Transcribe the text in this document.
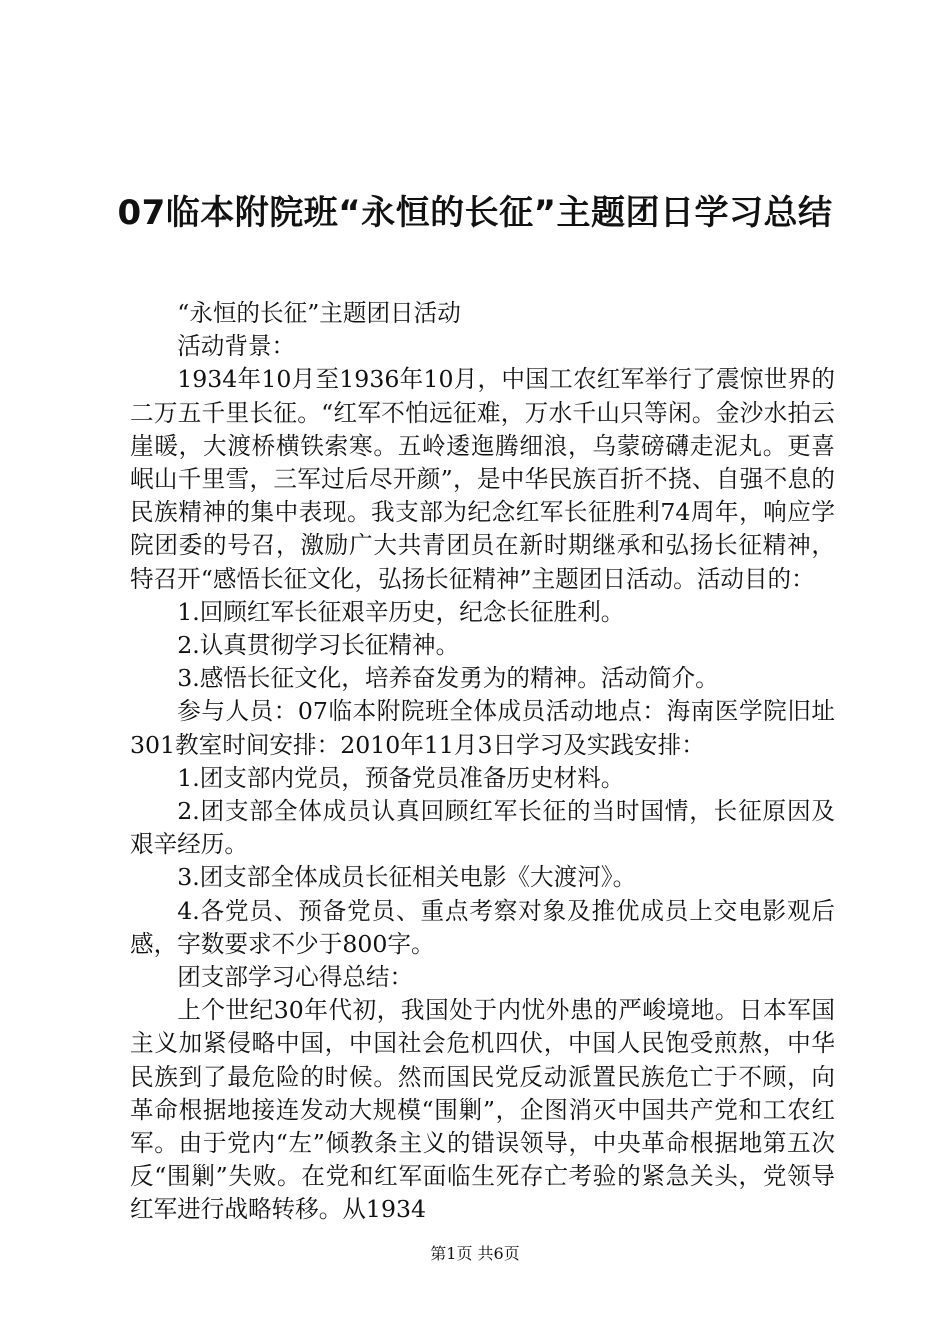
07临本附院班“永恒的长征”主题团日学习总结

“永恒的长征”主题团日活动

活动背景：

1934年10月至1936年10月，中国工农红军举行了震惊世界的二万五千里长征。“红军不怕远征难，万水千山只等闲。金沙水拍云崖暖，大渡桥横铁索寒。五岭逶迤腾细浪，乌蒙磅礴走泥丸。更喜岷山千里雪，三军过后尽开颜”，是中华民族百折不挠、自强不息的民族精神的集中表现。我支部为纪念红军长征胜利74周年，响应学院团委的号召，激励广大共青团员在新时期继承和弘扬长征精神，特召开“感悟长征文化，弘扬长征精神”主题团日活动。活动目的：

1.回顾红军长征艰辛历史，纪念长征胜利。

2.认真贯彻学习长征精神。

3.感悟长征文化，培养奋发勇为的精神。活动简介。

参与人员：07临本附院班全体成员活动地点：海南医学院旧址301教室时间安排：2010年11月3日学习及实践安排：

1.团支部内党员，预备党员准备历史材料。

2.团支部全体成员认真回顾红军长征的当时国情，长征原因及艰辛经历。

3.团支部全体成员长征相关电影《大渡河》。

4.各党员、预备党员、重点考察对象及推优成员上交电影观后感，字数要求不少于800字。

团支部学习心得总结：

上个世纪30年代初，我国处于内忧外患的严峻境地。日本军国主义加紧侵略中国，中国社会危机四伏，中国人民饱受煎熬，中华民族到了最危险的时候。然而国民党反动派置民族危亡于不顾，向革命根据地接连发动大规模“围剿”，企图消灭中国共产党和工农红军。由于党内“左”倾教条主义的错误领导，中央革命根据地第五次反“围剿”失败。在党和红军面临生死存亡考验的紧急关头，党领导红军进行战略转移。从1934

第1页 共6页
